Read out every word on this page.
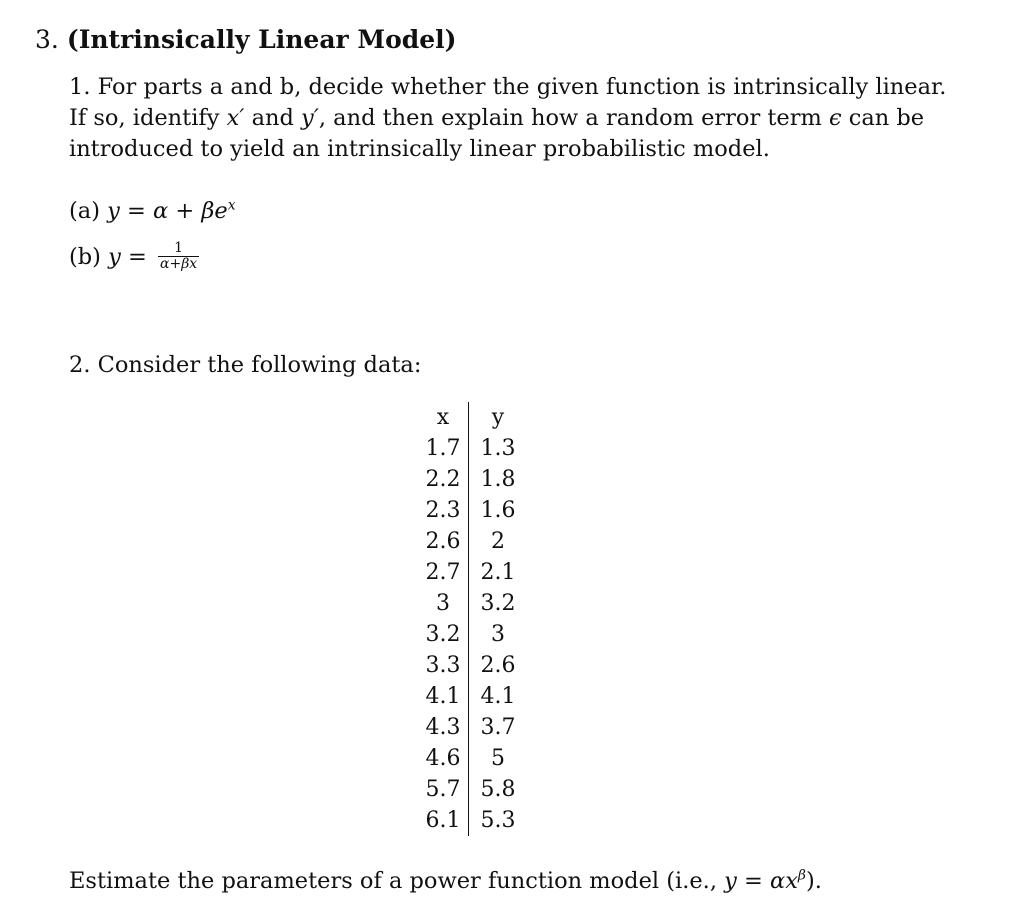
3. (Intrinsically Linear Model)
1. For parts a and b, decide whether the given function is intrinsically linear.
If so, identify x′ and y′, and then explain how a random error term ϵ can be
introduced to yield an intrinsically linear probabilistic model.
(a) $y = \alpha + \beta e^x$
(b) $y = \frac{1}{\alpha+\beta x}$
2. Consider the following data:
x	y
1.7	1.3
2.2	1.8
2.3	1.6
2.6	2
2.7	2.1
3	3.2
3.2	3
3.3	2.6
4.1	4.1
4.3	3.7
4.6	5
5.7	5.8
6.1	5.3
Estimate the parameters of a power function model (i.e., $y = \alpha x^\beta$).
